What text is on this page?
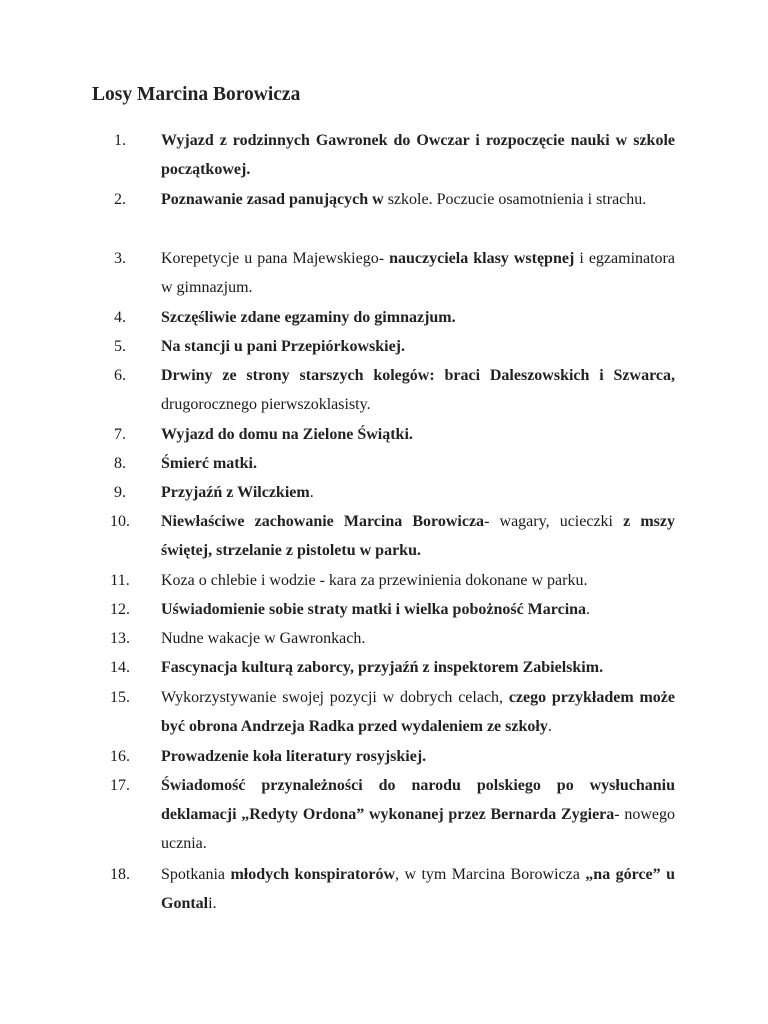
Losy Marcina Borowicza
1.	Wyjazd z rodzinnych Gawronek do Owczar i rozpoczęcie nauki w szkole początkowej.
2.	Poznawanie zasad panujących w szkole. Poczucie osamotnienia i strachu.
3.	Korepetycje u pana Majewskiego- nauczyciela klasy wstępnej i egzaminatora w gimnazjum.
4.	Szczęśliwie zdane egzaminy do gimnazjum.
5.	Na stancji u pani Przepiórkowskiej.
6.	Drwiny ze strony starszych kolegów: braci Daleszowskich i Szwarca, drugorocznego pierwszoklasisty.
7.	Wyjazd do domu na Zielone Świątki.
8.	Śmierć matki.
9.	Przyjaźń z Wilczkiem.
10.	Niewłaściwe zachowanie Marcina Borowicza- wagary, ucieczki z mszy świętej, strzelanie z pistoletu w parku.
11.	Koza o chlebie i wodzie - kara za przewinienia dokonane w parku.
12.	Uświadomienie sobie straty matki i wielka pobożność Marcina.
13.	Nudne wakacje w Gawronkach.
14.	Fascynacja kulturą zaborcy, przyjaźń z inspektorem Zabielskim.
15.	Wykorzystywanie swojej pozycji w dobrych celach, czego przykładem może być obrona Andrzeja Radka przed wydaleniem ze szkoły.
16.	Prowadzenie koła literatury rosyjskiej.
17.	Świadomość przynależności do narodu polskiego po wysłuchaniu deklamacji „Redyty Ordona” wykonanej przez Bernarda Zygiera- nowego ucznia.
18.	Spotkania młodych konspiratorów, w tym Marcina Borowicza „na górce” u Gontali.
